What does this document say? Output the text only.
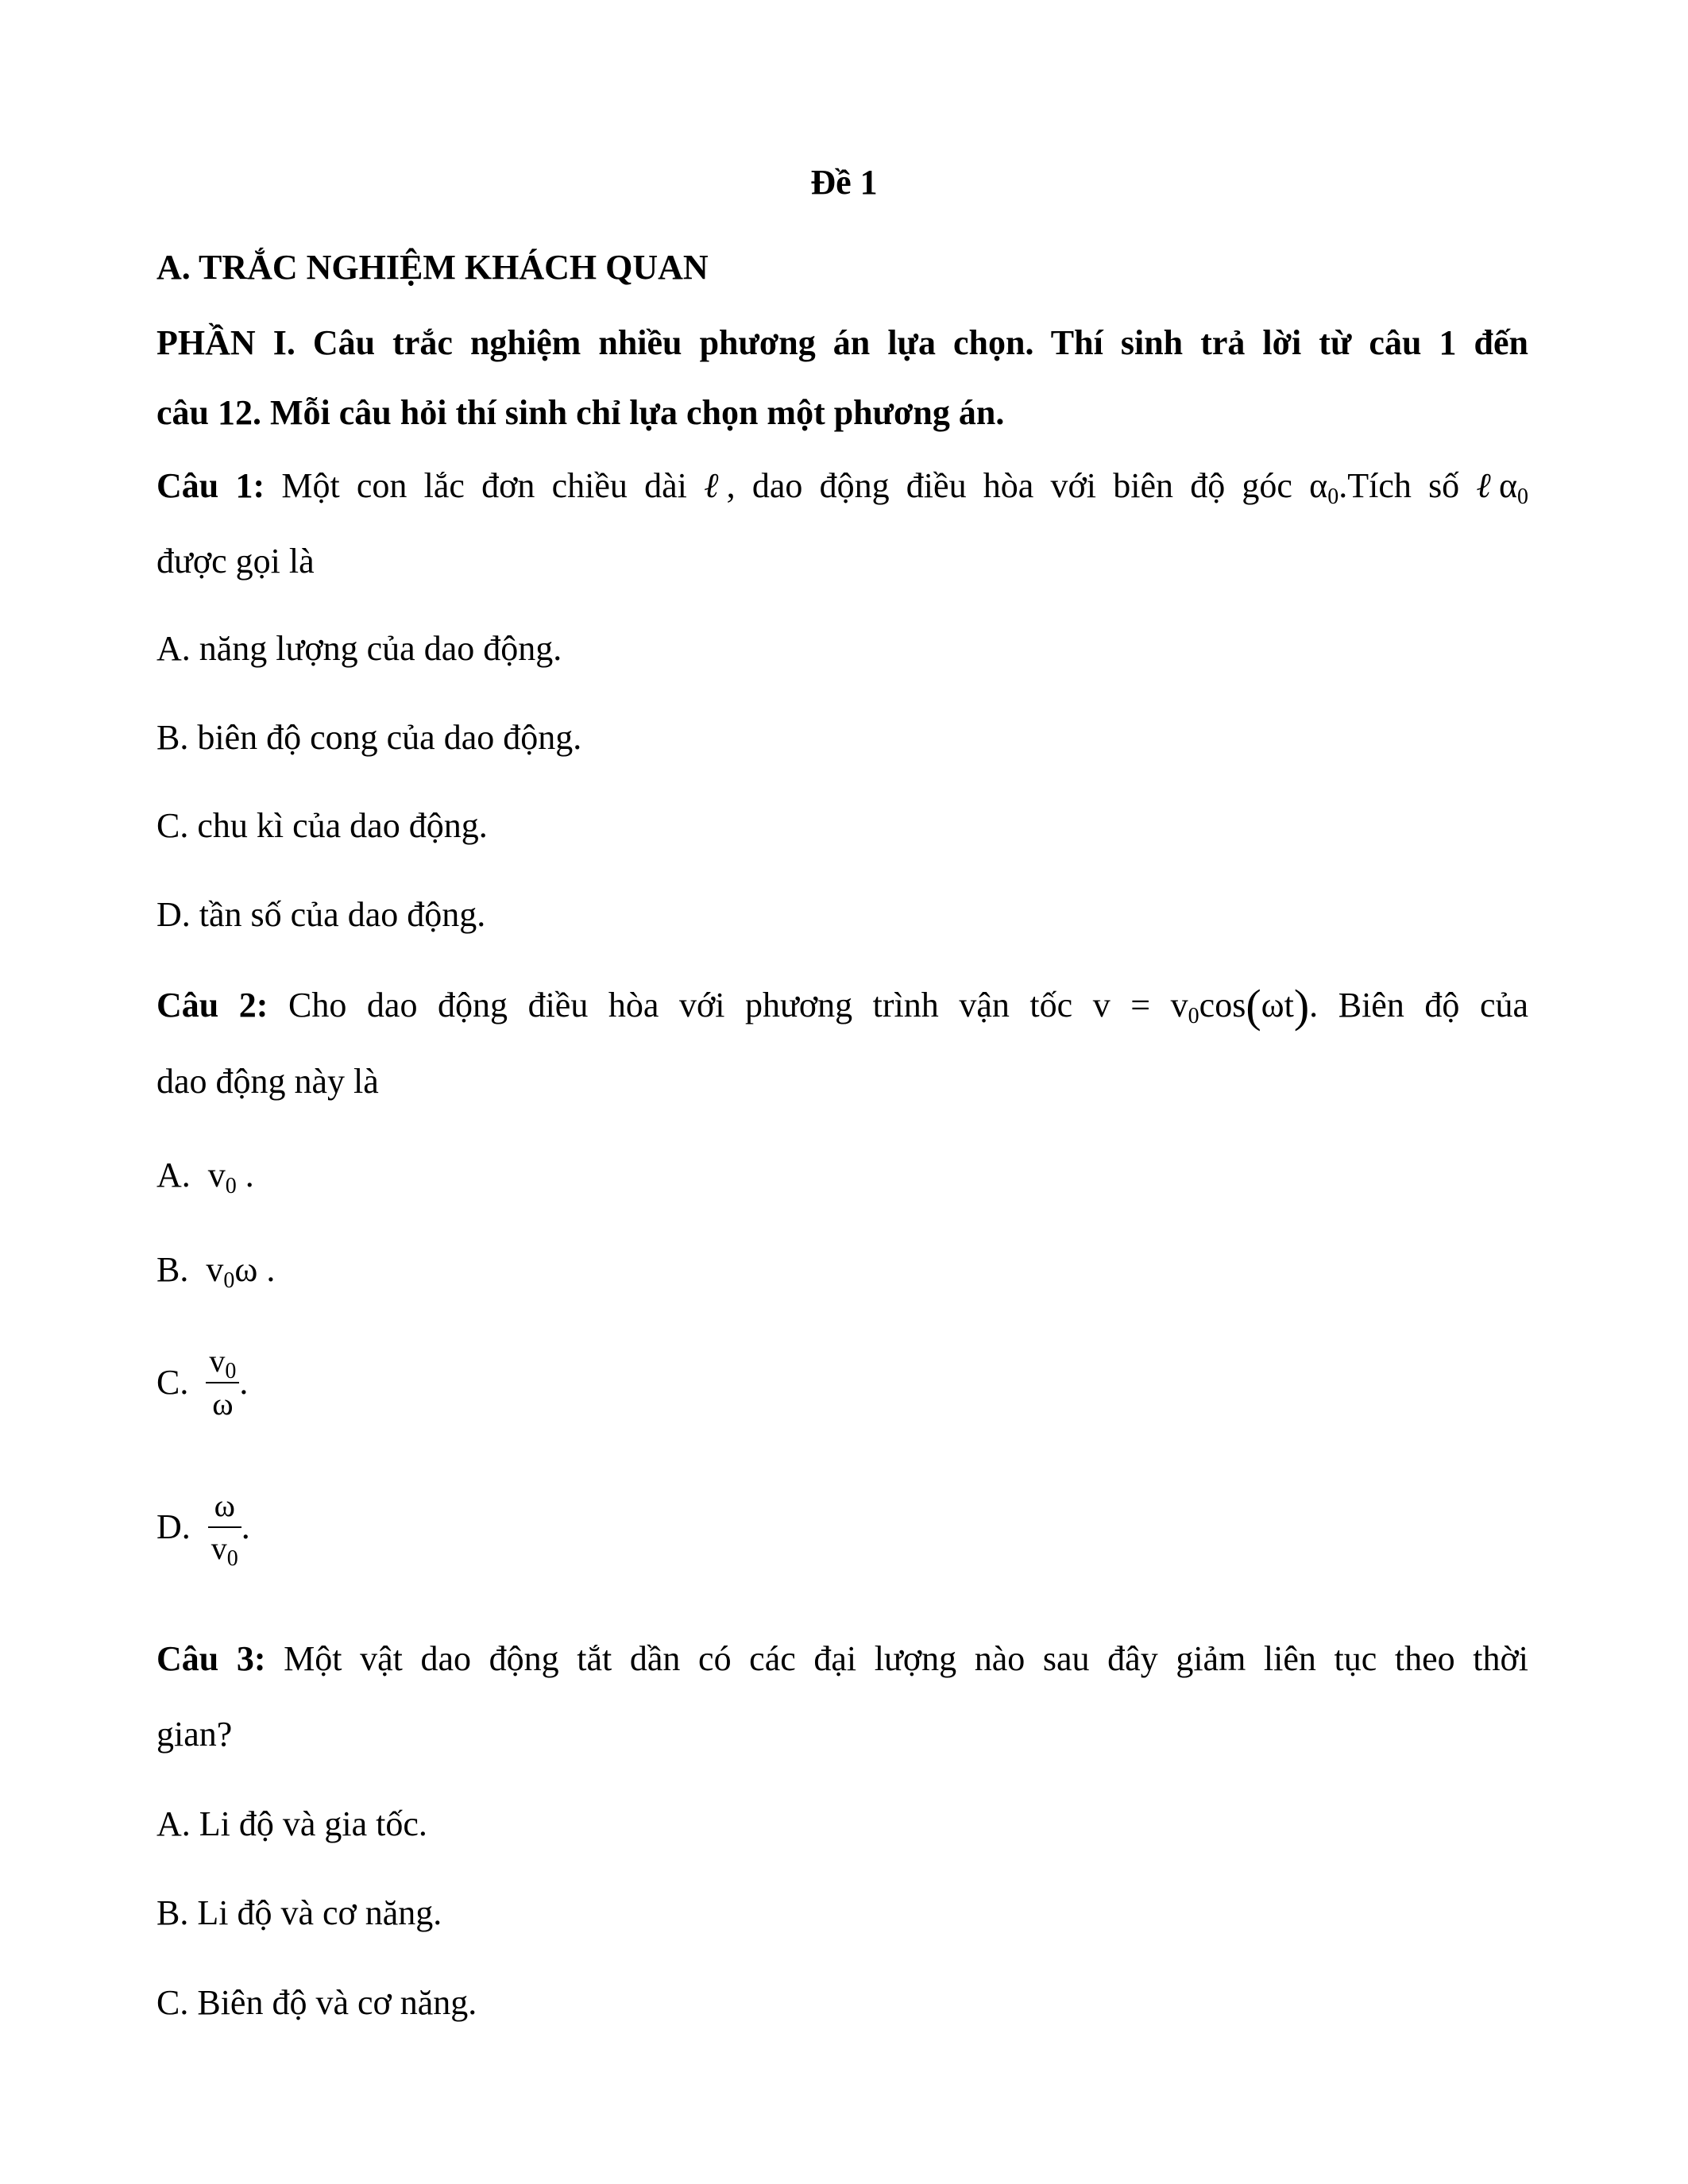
Đề 1
A. TRẮC NGHIỆM KHÁCH QUAN
PHẦN I. Câu trắc nghiệm nhiều phương án lựa chọn. Thí sinh trả lời từ câu 1 đến
câu 12. Mỗi câu hỏi thí sinh chỉ lựa chọn một phương án.
Câu 1: Một con lắc đơn chiều dài ℓ, dao động điều hòa với biên độ góc $\alpha_0.Tích$ số ℓα$_0$
được gọi là
A. năng lượng của dao động.
B. biên độ cong của dao động.
C. chu kì của dao động.
D. tần số của dao động.
Câu 2: Cho dao động điều hòa với phương trình vận tốc $v = v_0\cos(\omega t)$. Biên độ của
dao động này là
A. $v_0$ .
B. $v_0\omega$ .
C. $\frac{v_0}{\omega}$ .
D. $\frac{\omega}{v_0}$ .
Câu 3: Một vật dao động tắt dần có các đại lượng nào sau đây giảm liên tục theo thời
gian?
A. Li độ và gia tốc.
B. Li độ và cơ năng.
C. Biên độ và cơ năng.
